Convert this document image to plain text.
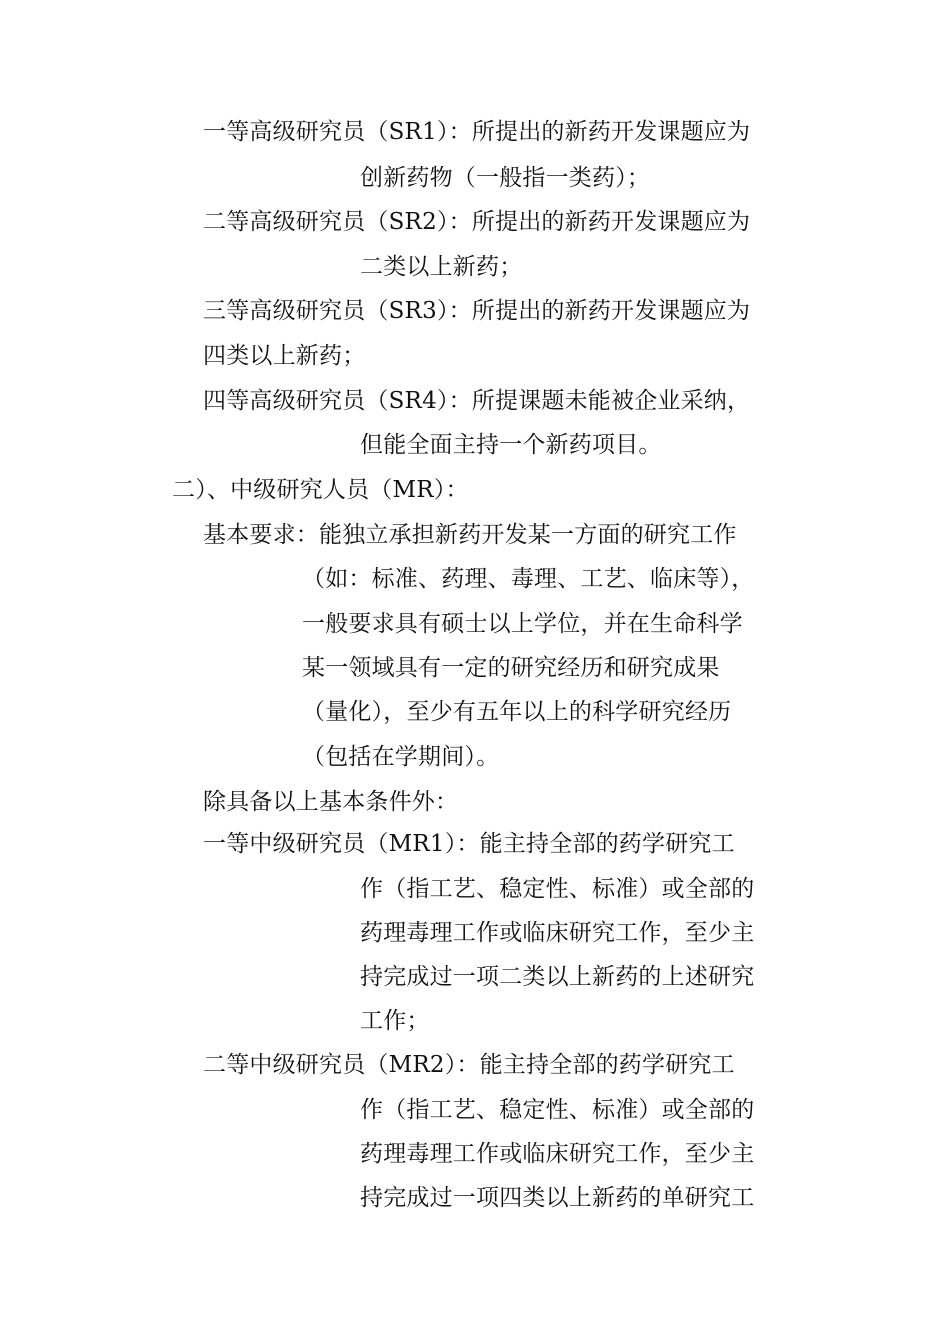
一等高级研究员（SR1）：所提出的新药开发课题应为
创新药物（一般指一类药）；
二等高级研究员（SR2）：所提出的新药开发课题应为
二类以上新药；
三等高级研究员（SR3）：所提出的新药开发课题应为
四类以上新药；
四等高级研究员（SR4）：所提课题未能被企业采纳，
但能全面主持一个新药项目。
二）、中级研究人员（MR）：
基本要求：能独立承担新药开发某一方面的研究工作
（如：标准、药理、毒理、工艺、临床等），
一般要求具有硕士以上学位，并在生命科学
某一领域具有一定的研究经历和研究成果
（量化），至少有五年以上的科学研究经历
（包括在学期间）。
除具备以上基本条件外：
一等中级研究员（MR1）：能主持全部的药学研究工
作（指工艺、稳定性、标准）或全部的
药理毒理工作或临床研究工作，至少主
持完成过一项二类以上新药的上述研究
工作；
二等中级研究员（MR2）：能主持全部的药学研究工
作（指工艺、稳定性、标准）或全部的
药理毒理工作或临床研究工作，至少主
持完成过一项四类以上新药的单研究工
